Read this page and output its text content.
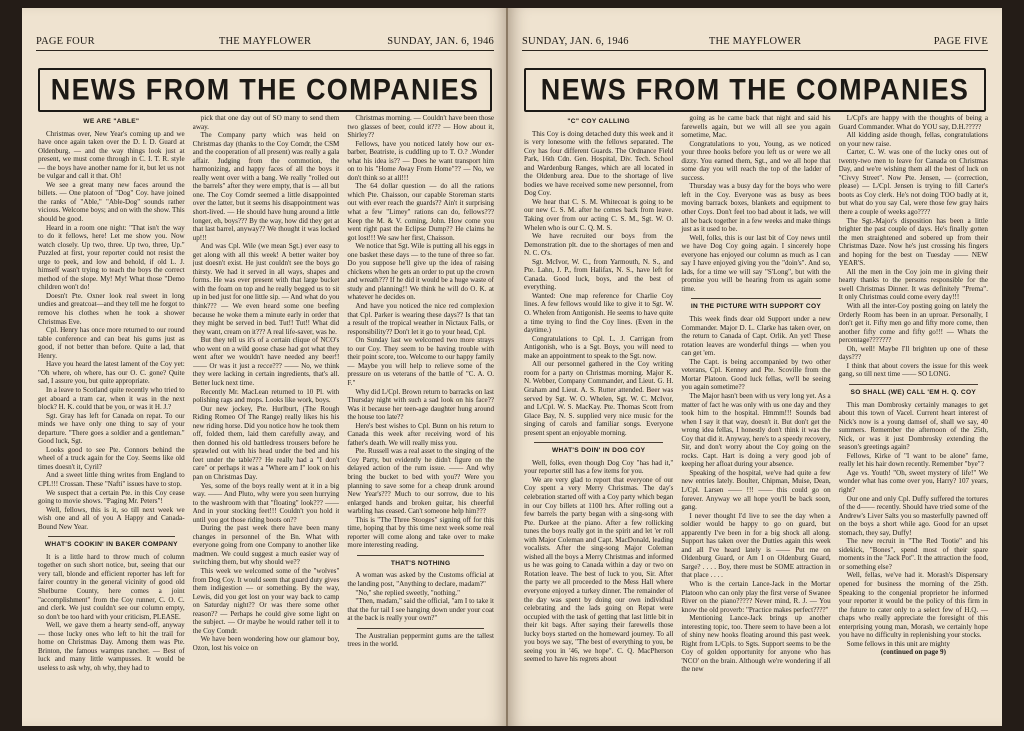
PAGE FOUR	THE MAYFLOWER	SUNDAY, JAN. 6, 1946
NEWS FROM THE COMPANIES
WE ARE "ABLE"

Christmas over, New Year's coming up and we have once again taken over the D. I. D. Guard at Oldenburg, — and the way things look just at present, we must come through in C. I. T. R. style— the boys have another name for it, but let us not be vulgar and call it that. Oh!

We see a great many new faces around the billets. — One platoon of "Dog" Coy. have joined the ranks of "Able," "Able-Dog" sounds rather vicious. Welcome boys; and on with the show. This should be good.

Heard in a room one night: "That isn't the way to do it fellows, here! Let me show you. Now watch closely. Up two, three. Up two, three, Up." Puzzled at first, your reporter could not resist the urge to peek, and low and behold, if old L. J. himself wasn't trying to teach the boys the correct method of the slope. My! My! What those "Demo children won't do!

Doesn't Pte. Oxner look real sweet in long undies and greatcoat—and they tell me he forgot to remove his clothes when he took a shower Christmas Eve.

Cpl. Henry has once more returned to our round table conference and can beat his gums just as good, if not better than before. Quite a lad, that Henry.

Have you heard the latest lament of the Coy yet: "Oh where, oh where, has our O. C. gone? Quite sad, I assure you, but quite appropriate.

In a leave to Scotland quite recently who tried to get aboard a tram car, when it was in the next block? H. K. could that be you, or was it H. J.?

Sgt. Gray has left for Canada on repat. To our minds we have only one thing to say of your departure. "There goes a soldier and a gentleman." Good luck, Sgt.

Looks good to see Pte. Connors behind the wheel of a truck again for the Coy. Seems like old times doesn't it, Cyril?

And a sweet little thing writes from England to CPL!!! Crossan. These "Nafti" issues have to stop.

We suspect that a certain Pte. in this Coy cease going to movie shows. "Paging Mr. Peters"!

Well, fellows, this is it, so till next week we wish one and all of you A Happy and Canada-Bound New Year.

WHAT'S COOKIN' IN BAKER COMPANY

It is a little hard to throw much of column together on such short notice, but, seeing that our very tall, blonde and efficient reporter has left for fairer country in the general vicinity of good old Shelburne County, here comes a joint "accomplishment" from the Coy runner, C. O. C. and clerk. We just couldn't see our column empty, so don't be too hard with your criticism, PLEASE.

Well, we gave them a hearty send-off, anyway — those lucky ones who left to hit the trail for home on Christmas Day. Among them was Pte. Brinton, the famous wampus rancher. — Best of luck and many little wampusses. It would be useless to ask why, oh why, they had to

pick that one day out of SO many to send them away.

The Company party which was held on Christmas day (thanks to the Coy Comdr, the CSM and the cooperation of all present) was really a gala affair. Judging from the commotion, the harmonizing, and happy faces of all the boys it really went over with a bang. We really "rolled out the barrels" after they were empty, that is — all but one. The Coy Comdr seemed a little disappointed over the latter, but it seems his disappointment was short-lived. — He should have hung around a little longer, eh, boys??? By the way, how did they get at that last barrel, anyway?? We thought it was locked up!!!

And was Cpl. Wile (we mean Sgt.) ever easy to get along with all this week! A better waiter boy just doesn't exist. He just couldn't see the boys go thirsty. We had it served in all ways, shapes and forms. He was ever present with that large bucket with the foam on top and he really begged us to sit up in bed just for one little sip. — And what do you think??? — We even heard some one beefing because he woke them a minute early in order that they might be served in bed. Tut!! Tut!! What did they want, cream on it??? A real life-saver, was he.

But they tell us it's of a certain clique of NCO's who went on a wild goose chase had got what they went after we wouldn't have needed any beer!! —— Or was it just a recce??? —— No, we think they were lacking in certain ingredients, that's all. Better luck next time.

Recently Mr. MacLean returned to 10 Pl. with polishing rags and mops. Looks like work, boys.

Our new jockey, Pte. Hurlburt, (The Rough Riding Romeo Of The Range) really likes his his new riding horse. Did you notice how he took them off, folded them, laid them carefully away, and then donned his old battledress trousers before he sprawled out with his head under the bed and his feet under the table??? He really had a "I don't care" or perhaps it was a "Where am I" look on his pan on Christmas Day.

Yes, some of the boys really went at it in a big way. —— And Pluto, why were you seen hurrying to the washroom with that "floating" look??? —— And in your stocking feet!!! Couldn't you hold it until you got those riding boots on??

During the past week there have been many changes in personnel of the Bn. What with everyone going from one Company to another like madmen. We could suggest a much easier way of switching them, but why should we??

This week we welcomed some of the "wolves" from Dog Coy. It would seem that guard duty gives them indigestion — or something. By the way, Lewis, did you get lost on your way back to camp on Saturday night?? Or was there some other reason?? — Perhaps he could give some light on the subject. — Or maybe he would rather tell it to the Coy Comdr.

We have been wondering how our glamour boy, Ozon, lost his voice on

Christmas morning. — Couldn't have been those two glasses of beer, could it??? — How about it, Shirley??

Fellows, have you noticed lately how our ex-barber, Beatriste, is cuddling up to T. O.? .Wonder what his idea is?? — Does he want transport him on to his "Home Away From Home"?? — No, we don't think so at all!!!

The 64 dollar question — do all the rations which Pte. Chaisson, our capable Storeman starts out with ever reach the guards?? Ain't it surprising what a few "Limey" rations can do, fellows??? Keep the M. & V. coming, John. How come you went right past the Eclipse Dump?? He claims he got lost!!! We saw her first, Chaisson.

We notice that Sgt. Wile is putting all his eggs in one basket these days — to the tune of three so far. Do you suppose he'll give up the idea of raising chickens when he gets an order to put up the crown and wreath??? If he did it would be a huge waste of study and planning!! We think he will do O. K. at whatever he decides on.

And have you noticed the nice red complexion that Cpl. Parker is wearing these days?? Is that tan a result of the tropical weather in Nictaux Falls, or responsibility?? Don't let it go to your head, Cpl.

On Sunday last we welcomed two more strays to our Coy. They seem to be having trouble with their point score, too. Welcome to our happy family — Maybe you will help to relieve some of the pressure on us veterans of the battle of "C. A. O. F."

Why did L/Cpl. Brown return to barracks on last Thursday night with such a sad look on his face?? Was it because her teen-age daughter hung around the house too late??

Here's best wishes to Cpl. Bunn on his return to Canada this week after receiving word of his father's death. We will really miss you.

Pte. Russell was a real asset to the singing of the Coy Party, but evidently he didn't figure on the delayed action of the rum issue. —— And why bring the bucket to bed with you?? Were you planning to save some for a cheap drunk around New Year's??? Much to our sorrow, due to his enlarged hands and broken guitar, his cheerful warbling has ceased. Can't someone help him???

This is "The Three Stooges" signing off for this time, hoping that by this time next week some real reporter will come along and take over to make more interesting reading.

THAT'S NOTHING

A woman was asked by the Customs official at the landing post, "Anything to declare, madam?"

"No," she replied sweetly, "nothing."

"Then, madam," said the official, "am I to take it that the fur tail I see hanging down under your coat at the back is really your own?"

The Australian peppermint gums are the tallest trees in the world.

SUNDAY, JAN. 6, 1946	THE MAYFLOWER	PAGE FIVE
NEWS FROM THE COMPANIES
"C" COY CALLING

This Coy is doing detached duty this week and it is very lonesome with the fellows separated. The Coy has four different Guards. The Ordnance Field Park, 16th Cdn. Gen. Hospital, Div. Tech. School and Wardenburg Ranges, which are all located in the Oldenburg area. Due to the shortage of live bodies we have received some new personnel, from Dog Coy.

We hear that C. S. M. Whitecoat is going to be our new C. S. M. after he comes back from leave. Taking over from our acting C. S. M., Sgt. W. O. Whelen who is our C. Q. M. S.

We have recruited our boys from the Demonstration plt. due to the shortages of men and N. C. O's.

Sgt. McIvor, W. C., from Yarmouth, N. S., and Pte. Lahn, J. P., from Halifax, N. S., have left for Canada. Good luck, boys, and the best of everything.

Wanted: One map reference for Charlie Coy lines. A few fellows would like to give it to Sgt. W. O. Whelen from Antigonish. He seems to have quite a time trying to find the Coy lines. (Even in the daytime.)

Congratulations to Cpl. L. J. Carrigan from Antigonish, who is a Sgt. Boys, you will need to make an appointment to speak to the Sgt. now.

All our personnel gathered in the Coy writing room for a party on Christmas morning. Major K. N. Webber, Company Commander, and Lieut. G. H. Graham and Lieut. A. S. Rutter attended. Beer was served by Sgt. W. O. Whelen, Sgt. W. C. McIvor, and L/Cpl. W. S. MacKay. Pte. Thomas Scott from Glace Bay, N. S. supplied very nice music for the singing of carols and familiar songs. Everyone present spent an enjoyable morning.

WHAT'S DOIN' IN DOG COY

Well, folks, even though Dog Coy "has had it," your reporter still has a few items for you.

We are very glad to report that everyone of our Coy spent a very Merry Christmas. The day's celebration started off with a Coy party which began in our Coy billets at 1100 hrs. After rolling out a few barrels the party began with a sing-song with Pte. Durkee at the piano. After a few rollicking tunes the boys really got in the spirit and let 'er roll with Major Coleman and Capt. MacDonald, leading vocalists. After the sing-song Major Coleman wished all the boys a Merry Christmas and informed us he was going to Canada within a day or two on Rotation leave. The best of luck to you, Sir. After the party we all proceeded to the Mess Hall where everyone enjoyed a turkey dinner. The remainder of the day was spent by doing our own individual celebrating and the lads going on Repat were occupied with the task of getting that last little bit in their kit bags. After saying their farewells those lucky boys started on the homeward journey. To all you boys we say, "The best of everything to you, be seeing you in '46, we hope". C. Q. MacPherson seemed to have his regrets about

going as he came back that night and said his farewells again, but we will all see you again sometime, Mac.

Congratulations to you, Young, as we noticed your three hooks before you left us or were we all dizzy. You earned them, Sgt., and we all hope that some day you will reach the top of the ladder of success.

Thursday was a busy day for the boys who were left in the Coy. Everyone was as busy as bees moving barrack boxes, blankets and equipment to other Coys. Don't feel too bad about it lads, we will all be back together in a few weeks and make things just as it used to be.

Well, folks, this is our last bit of Coy news until we have Dog Coy going again. I sincerely hope everyone has enjoyed our column as much as I can say I have enjoyed giving you the "doin's". And so, lads, for a time we will say "S'Long", but with the promise you will be hearing from us again some time.

IN THE PICTURE WITH SUPPORT COY

This week finds dear old Support under a new Commander. Major D. L. Clarke has taken over, on the return to Canada of Capt. Orlik. An yet! These rotation leaves are wonderful things — when you can get 'em.

The Capt. is being accompanied by two other veterans, Cpl. Kenney and Pte. Scoville from the Mortar Platoon. Good luck fellas, we'll be seeing you again sometime??

The Major hasn't been with us very long yet. As a matter of fact he was only with us one day and they took him to the hospital. Hmmm!!! Sounds bad when I say it that way, doesn't it. But don't get the wrong idea fellas, I honestly don't think it was the Coy that did it. Anyway, here's to a speedy recovery, Sir, and don't worry about the Coy going on the rocks. Capt. Hart is doing a very good job of keeping her afloat during your absence.

Speaking of the hospital, we've had quite a few new entries lately. Boulter, Chipman, Muise, Dean, L/Cpl. Larsen —— !!! —— this could go on forever. Anyway we all hope you'll be back soon, gang.

I never thought I'd live to see the day when a soldier would be happy to go on guard, but apparently I've been in for a big shock all along. Support has taken over the Dutties again this week and all I've heard lately is —— Put me on Oldenburg Guard, or Am I on Oldenburg Guard, Sarge? . . . . Boy, there must be SOME attraction in that place . . . .

Who is the certain Lance-Jack in the Mortar Platoon who can only play the first verse of Swanee River on the piano????? Never mind, R. J. — You know the old proverb: "Practice makes perfect????"

Mentioning Lance-Jack brings up another interesting topic, too. There seem to have been a lot of shiny new hooks floating around this past week. Right from L/Cpls. to Sgts. Support seems to be the Coy of golden opportunity for anyone who has 'NCO' on the brain. Although we're wondering if all the new

L/Cpl's are happy with the thoughts of being a Guard Commander. What do YOU say, D.H.?????

All kidding aside though, fellas, congratulations on your new raise.

Carter, C. W. was one of the lucky ones out of twenty-two men to leave for Canada on Christmas Day, and we're wishing them all the best of luck on "Civvy Street". Now Pte. Jensen, — (correction, please) — L/Cpl. Jensen is trying to fill Carter's boots as Coy clerk. He's not doing TOO badly at it, but what do you say Cal, were those few gray hairs there a couple of weeks ago????

The Sgt.-Major's disposition has been a little brighter the past couple of days. He's finally gotten the men straightened and sobered up from their Christmas Daze. Now he's just crossing his fingers and hoping for the best on Tuesday —— NEW YEAR'S.

All the men in the Coy join me in giving their hearty thanks to the persons responsible for the swell Christmas Dinner. It was definitely "Prema". It only Christmas could come every day!!!

With all the inter-Coy posting going on lately the Orderly Room has been in an uproar. Personally, I don't get it. Fifty men go and fifty more come, then another fifty come and fifty go!!! — Whats the percentage???????

Oh, well! Maybe I'll brighten up one of these days???

I think that about covers the issue for this week gang, so till next time —— SO LONG.

SO SHALL (WE) CALL 'EM H. Q. COY

This man Dombrosky certainly manages to get about this town of Vacel. Current heart interest of Nick's now is a young damsel of, shall we say, 40 summers. Remember the afternoon of the 25th, Nick, or was it just Dombrosky extending the season's greetings again?

Fellows, Kirke of "I want to be alone" fame, really let his hair down recently. Remember "bye"?

Age vs. Youth! "Oh, sweet mystery of life!" We wonder what has come over you, Harry? 107 years, right?

Our one and only Cpl. Duffy suffered the tortures of the d—— recently. Should have tried some of the Andrew's Liver Salts you so masterfully pawned off on the boys a short while ago. Good for an upset stomach, they say, Duffy!

The new recruit in "The Red Tootie" and his sidekick, "Bones", spend most of their spare moments in the "Jack Pot". It the attraction the food, or something else?

Well, fellas, we've had it. Morash's Dispensary opened for business the morning of the 25th. Speaking to the congenial proprietor he informed your reporter it would be the policy of this firm in the future to cater only to a select few of H.Q. — chaps who really appreciate the foresight of this enterprising young man, Morash, we certainly hope you have no difficulty in replenishing your stocks.

Some fellows in this unit are mighty

(continued on page 9)
